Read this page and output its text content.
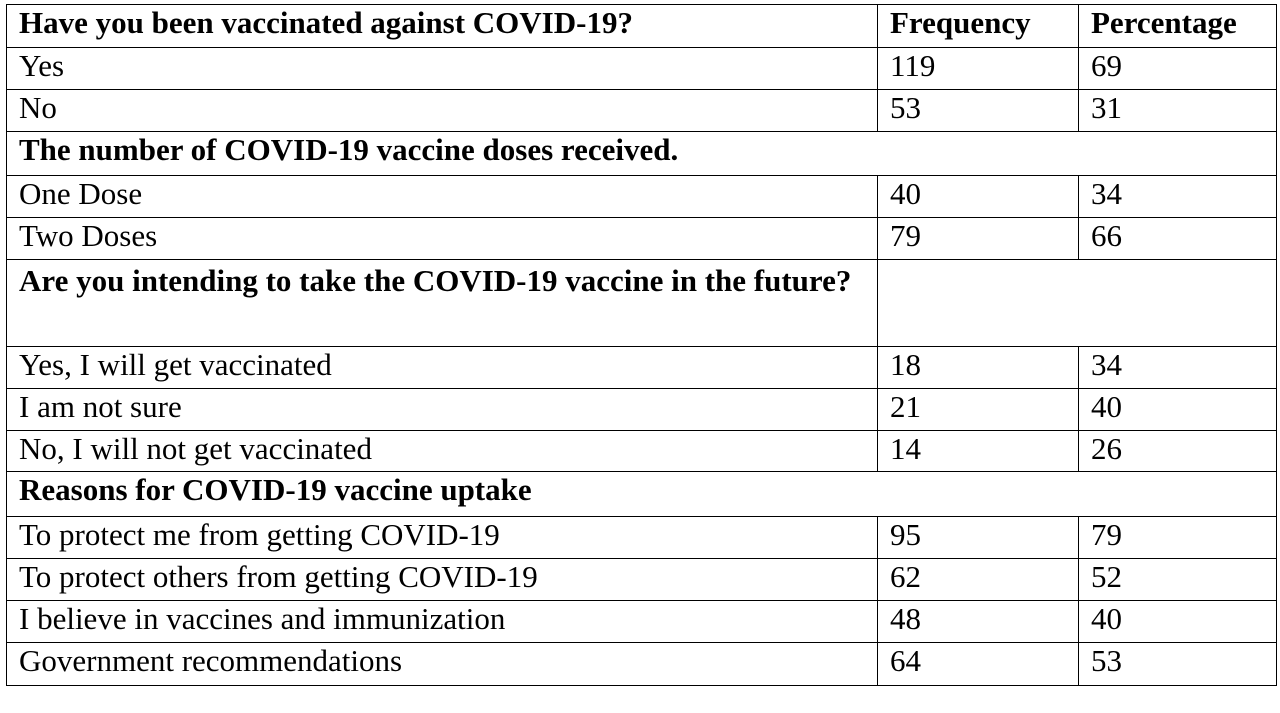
Have you been vaccinated against COVID-19?	Frequency	Percentage
Yes	119	69
No	53	31
The number of COVID-19 vaccine doses received.		
One Dose	40	34
Two Doses	79	66
Are you intending to take the COVID-19 vaccine in the future?		
Yes, I will get vaccinated	18	34
I am not sure	21	40
No, I will not get vaccinated	14	26
Reasons for COVID-19 vaccine uptake		
To protect me from getting COVID-19	95	79
To protect others from getting COVID-19	62	52
I believe in vaccines and immunization	48	40
Government recommendations	64	53
